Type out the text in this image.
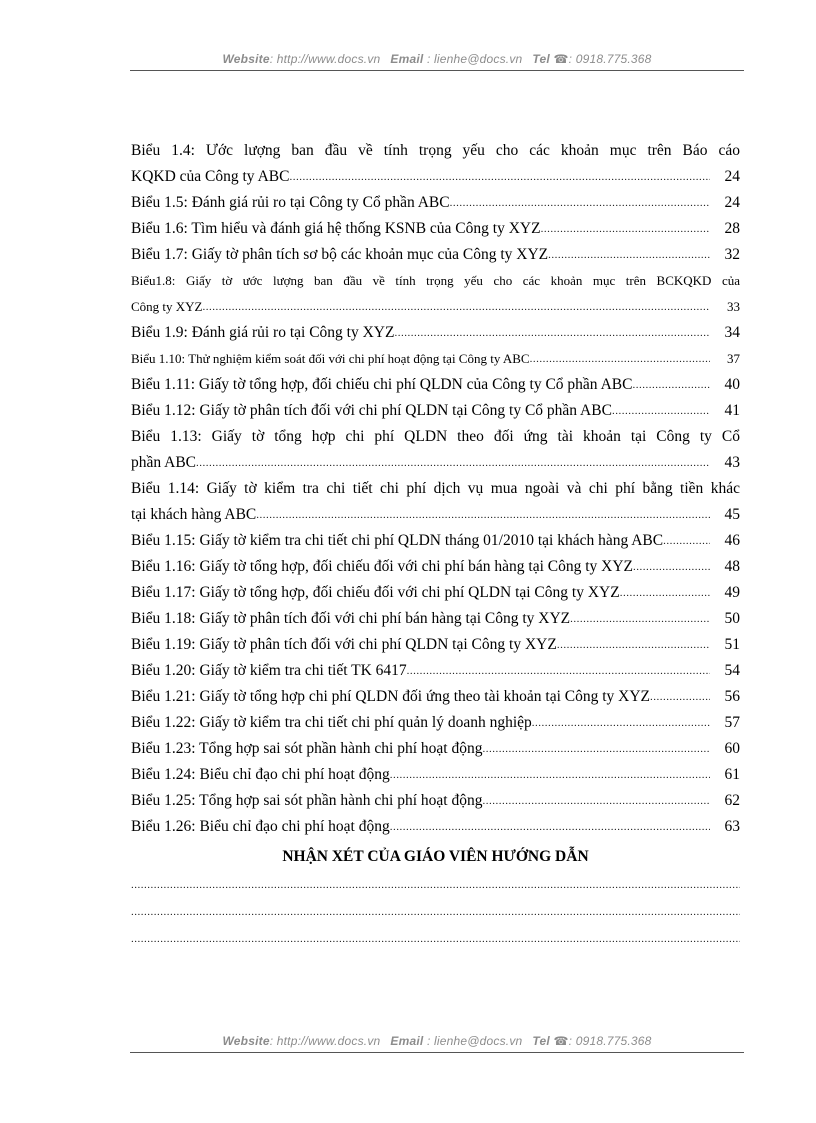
Website: http://www.docs.vn Email : lienhe@docs.vn Tel ☎: 0918.775.368
Biểu 1.4: Ước lượng ban đầu về tính trọng yếu cho các khoản mục trên Báo cáo
KQKD của Công ty ABC .....	24
Biểu 1.5: Đánh giá rủi ro tại Công ty Cổ phần ABC .....	24
Biểu 1.6: Tìm hiểu và đánh giá hệ thống KSNB của Công ty XYZ .....	28
Biểu 1.7: Giấy tờ phân tích sơ bộ các khoản mục của Công ty XYZ .....	32
Biểu1.8: Giấy tờ ước lượng ban đầu về tính trọng yếu cho các khoản mục trên BCKQKD của
Công ty XYZ .....	33
Biểu 1.9: Đánh giá rủi ro tại Công ty XYZ .....	34
Biểu 1.10: Thử nghiệm kiểm soát đối với chi phí hoạt động tại Công ty ABC .....	37
Biểu 1.11: Giấy tờ tổng hợp, đối chiếu chi phí QLDN của Công ty Cổ phần ABC .....	40
Biểu 1.12: Giấy tờ phân tích đối với chi phí QLDN tại Công ty Cổ phần ABC .....	41
Biểu 1.13: Giấy tờ tổng hợp chi phí QLDN theo đối ứng tài khoản tại Công ty Cổ
phần ABC .....	43
Biểu 1.14: Giấy tờ kiểm tra chi tiết chi phí dịch vụ mua ngoài và chi phí bằng tiền khác
tại khách hàng ABC .....	45
Biểu 1.15: Giấy tờ kiểm tra chi tiết chi phí QLDN tháng 01/2010 tại khách hàng ABC .....	46
Biểu 1.16: Giấy tờ tổng hợp, đối chiếu đối với chi phí bán hàng tại Công ty XYZ .....	48
Biểu 1.17: Giấy tờ tổng hợp, đối chiếu đối với chi phí QLDN tại Công ty XYZ .....	49
Biểu 1.18: Giấy tờ phân tích đối với chi phí bán hàng tại Công ty XYZ .....	50
Biểu 1.19: Giấy tờ phân tích đối với chi phí QLDN tại Công ty XYZ .....	51
Biểu 1.20: Giấy tờ kiểm tra chi tiết TK 6417 .....	54
Biểu 1.21: Giấy tờ tổng hợp chi phí QLDN đối ứng theo tài khoản tại Công ty XYZ .....	56
Biểu 1.22: Giấy tờ kiểm tra chi tiết chi phí quản lý doanh nghiệp .....	57
Biểu 1.23: Tổng hợp sai sót phần hành chi phí hoạt động .....	60
Biểu 1.24: Biểu chỉ đạo chi phí hoạt động .....	61
Biểu 1.25: Tổng hợp sai sót phần hành chi phí hoạt động .....	62
Biểu 1.26: Biểu chỉ đạo chi phí hoạt động .....	63
NHẬN XÉT CỦA GIÁO VIÊN HƯỚNG DẪN
.....
.....
.....
Website: http://www.docs.vn Email : lienhe@docs.vn Tel ☎: 0918.775.368
